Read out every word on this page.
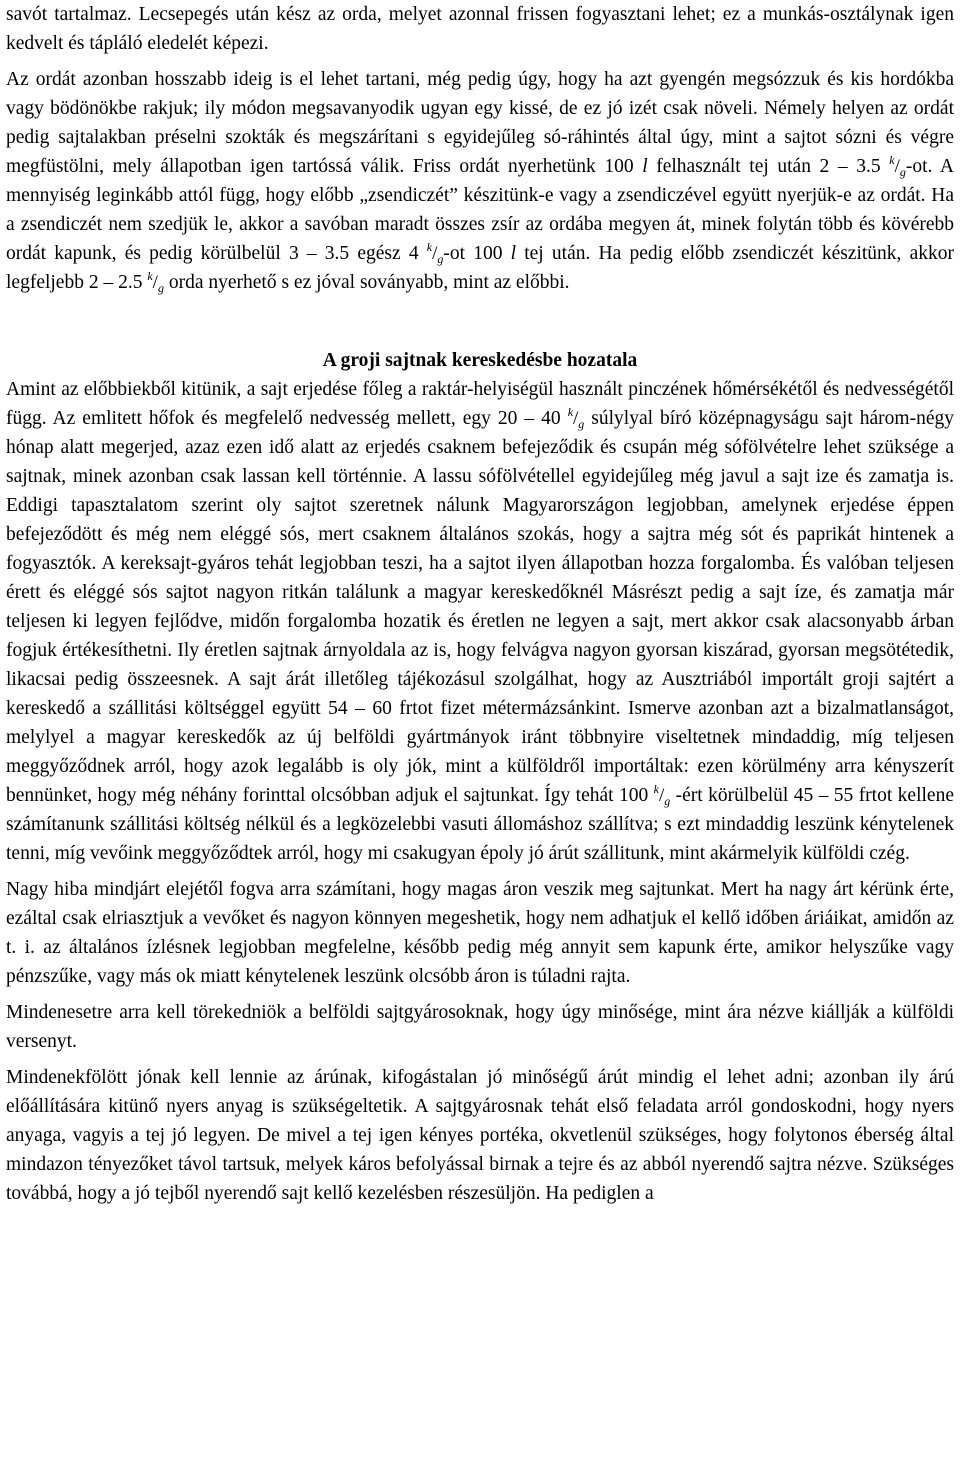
savót tartalmaz. Lecsepegés után kész az orda, melyet azonnal frissen fogyasztani lehet; ez a munkás-osztálynak igen kedvelt és tápláló eledelét képezi.

Az ordát azonban hosszabb ideig is el lehet tartani, még pedig úgy, hogy ha azt gyengén megsózzuk és kis hordókba vagy bödönökbe rakjuk; ily módon megsavanyodik ugyan egy kissé, de ez jó izét csak növeli. Némely helyen az ordát pedig sajtalakban préselni szokták és megszárítani s egyidejűleg só-ráhintés által úgy, mint a sajtot sózni és végre megfüstölni, mely állapotban igen tartóssá válik. Friss ordát nyerhetünk 100 l felhasznált tej után 2 – 3.5 $^k/_g-ot$. A mennyiség leginkább attól függ, hogy előbb „zsendiczét” készitünk-e vagy a zsendiczével együtt nyerjük-e az ordát. Ha a zsendiczét nem szedjük le, akkor a savóban maradt összes zsír az ordába megyen át, minek folytán több és kövérebb ordát kapunk, és pedig körülbelül 3 – 3.5 egész 4 $^k/_g-ot$ 100 l tej után. Ha pedig előbb zsendiczét készitünk, akkor legfeljebb 2 – 2.5 $^k/_g$ orda nyerhető s ez jóval soványabb, mint az előbbi.

A groji sajtnak kereskedésbe hozatala

Amint az előbbiekből kitünik, a sajt erjedése főleg a raktár-helyiségül használt pinczének hőmérsékétől és nedvességétől függ. Az emlitett hőfok és megfelelő nedvesség mellett, egy 20 – 40 $^k/_g$ súlylyal bíró középnagyságu sajt három-négy hónap alatt megerjed, azaz ezen idő alatt az erjedés csaknem befejeződik és csupán még sófölvételre lehet szüksége a sajtnak, minek azonban csak lassan kell történnie. A lassu sófölvétellel egyidejűleg még javul a sajt ize és zamatja is. Eddigi tapasztalatom szerint oly sajtot szeretnek nálunk Magyarországon legjobban, amelynek erjedése éppen befejeződött és még nem eléggé sós, mert csaknem általános szokás, hogy a sajtra még sót és paprikát hintenek a fogyasztók. A kereksajt-gyáros tehát legjobban teszi, ha a sajtot ilyen állapotban hozza forgalomba. És valóban teljesen érett és eléggé sós sajtot nagyon ritkán találunk a magyar kereskedőknél Másrészt pedig a sajt íze, és zamatja már teljesen ki legyen fejlődve, midőn forgalomba hozatik és éretlen ne legyen a sajt, mert akkor csak alacsonyabb árban fogjuk értékesíthetni. Ily éretlen sajtnak árnyoldala az is, hogy felvágva nagyon gyorsan kiszárad, gyorsan megsötétedik, likacsai pedig összeesnek. A sajt árát illetőleg tájékozásul szolgálhat, hogy az Ausztriából importált groji sajtért a kereskedő a szállitási költséggel együtt 54 – 60 frtot fizet métermázsánkint. Ismerve azonban azt a bizalmatlanságot, melylyel a magyar kereskedők az új belföldi gyártmányok iránt többnyire viseltetnek mindaddig, míg teljesen meggyőződnek arról, hogy azok legalább is oly jók, mint a külföldről importáltak: ezen körülmény arra kényszerít bennünket, hogy még néhány forinttal olcsóbban adjuk el sajtunkat. Így tehát 100 $^k/_g$ -ért körülbelül 45 – 55 frtot kellene számítanunk szállitási költség nélkül és a legközelebbi vasuti állomáshoz szállítva; s ezt mindaddig leszünk kénytelenek tenni, míg vevőink meggyőződtek arról, hogy mi csakugyan époly jó árút szállitunk, mint akármelyik külföldi czég.

Nagy hiba mindjárt elejétől fogva arra számítani, hogy magas áron veszik meg sajtunkat. Mert ha nagy árt kérünk érte, ezáltal csak elriasztjuk a vevőket és nagyon könnyen megeshetik, hogy nem adhatjuk el kellő időben áriáikat, amidőn az t. i. az általános ízlésnek legjobban megfelelne, később pedig még annyit sem kapunk érte, amikor helyszűke vagy pénzszűke, vagy más ok miatt kénytelenek leszünk olcsóbb áron is túladni rajta.

Mindenesetre arra kell törekedniök a belföldi sajtgyárosoknak, hogy úgy minősége, mint ára nézve kiállják a külföldi versenyt.

Mindenekfölött jónak kell lennie az árúnak, kifogástalan jó minőségű árút mindig el lehet adni; azonban ily árú előállítására kitünő nyers anyag is szükségeltetik. A sajtgyárosnak tehát első feladata arról gondoskodni, hogy nyers anyaga, vagyis a tej jó legyen. De mivel a tej igen kényes portéka, okvetlenül szükséges, hogy folytonos éberség által mindazon tényezőket távol tartsuk, melyek káros befolyással birnak a tejre és az abból nyerendő sajtra nézve. Szükséges továbbá, hogy a jó tejből nyerendő sajt kellő kezelésben részesüljön. Ha pediglen a
